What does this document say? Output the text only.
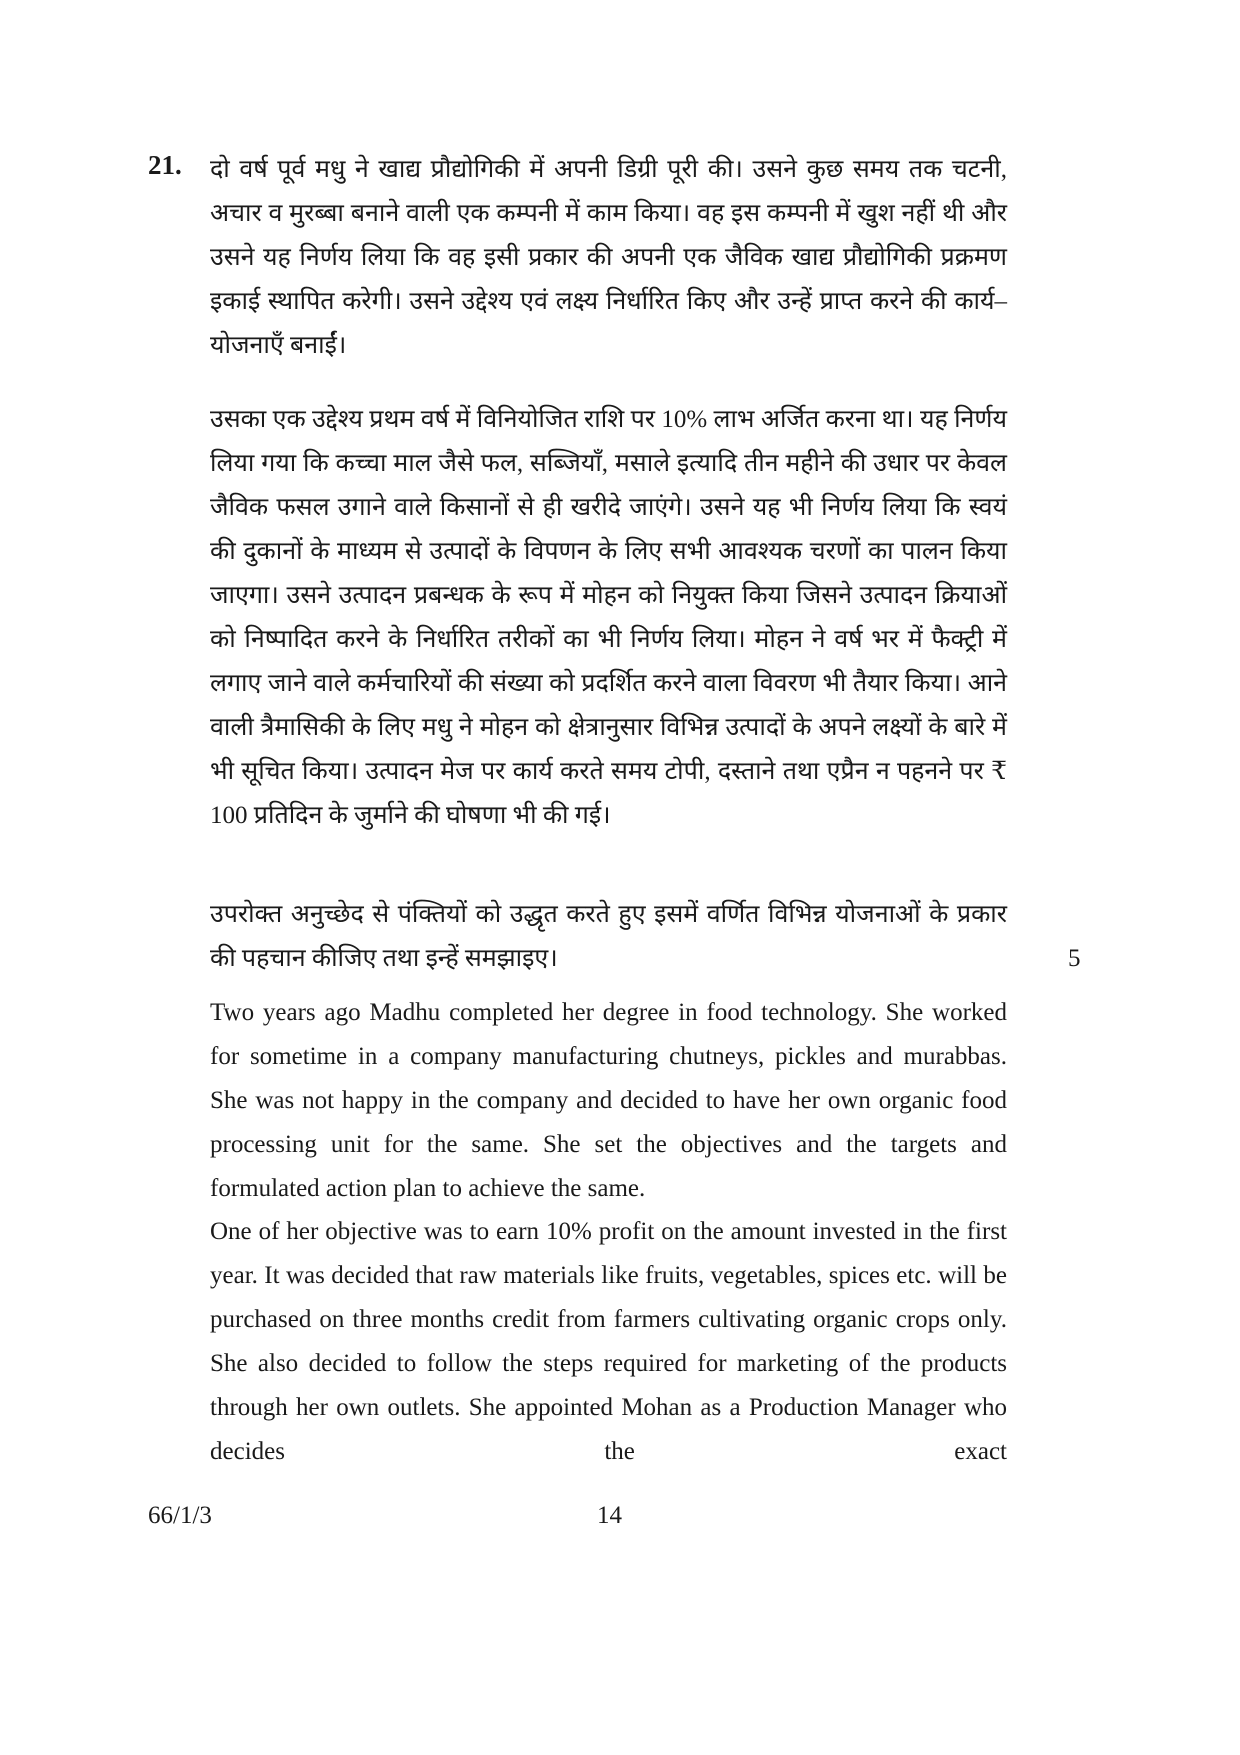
21. दो वर्ष पूर्व मधु ने खाद्य प्रौद्योगिकी में अपनी डिग्री पूरी की। उसने कुछ समय तक चटनी, अचार व मुरब्बा बनाने वाली एक कम्पनी में काम किया। वह इस कम्पनी में खुश नहीं थी और उसने यह निर्णय लिया कि वह इसी प्रकार की अपनी एक जैविक खाद्य प्रौद्योगिकी प्रक्रमण इकाई स्थापित करेगी। उसने उद्देश्य एवं लक्ष्य निर्धारित किए और उन्हें प्राप्त करने की कार्य–योजनाएँ बनाईं।

उसका एक उद्देश्य प्रथम वर्ष में विनियोजित राशि पर 10% लाभ अर्जित करना था। यह निर्णय लिया गया कि कच्चा माल जैसे फल, सब्जियाँ, मसाले इत्यादि तीन महीने की उधार पर केवल जैविक फसल उगाने वाले किसानों से ही खरीदे जाएंगे। उसने यह भी निर्णय लिया कि स्वयं की दुकानों के माध्यम से उत्पादों के विपणन के लिए सभी आवश्यक चरणों का पालन किया जाएगा। उसने उत्पादन प्रबन्धक के रूप में मोहन को नियुक्त किया जिसने उत्पादन क्रियाओं को निष्पादित करने के निर्धारित तरीकों का भी निर्णय लिया। मोहन ने वर्ष भर में फैक्ट्री में लगाए जाने वाले कर्मचारियों की संख्या को प्रदर्शित करने वाला विवरण भी तैयार किया। आने वाली त्रैमासिकी के लिए मधु ने मोहन को क्षेत्रानुसार विभिन्न उत्पादों के अपने लक्ष्यों के बारे में भी सूचित किया। उत्पादन मेज पर कार्य करते समय टोपी, दस्ताने तथा एप्रैन न पहनने पर ₹ 100 प्रतिदिन के जुर्माने की घोषणा भी की गई।

उपरोक्त अनुच्छेद से पंक्तियों को उद्धृत करते हुए इसमें वर्णित विभिन्न योजनाओं के प्रकार की पहचान कीजिए तथा इन्हें समझाइए।

Two years ago Madhu completed her degree in food technology. She worked for sometime in a company manufacturing chutneys, pickles and murabbas. She was not happy in the company and decided to have her own organic food processing unit for the same. She set the objectives and the targets and formulated action plan to achieve the same.

One of her objective was to earn 10% profit on the amount invested in the first year. It was decided that raw materials like fruits, vegetables, spices etc. will be purchased on three months credit from farmers cultivating organic crops only. She also decided to follow the steps required for marketing of the products through her own outlets. She appointed Mohan as a Production Manager who decides the exact

5
66/1/3	14
